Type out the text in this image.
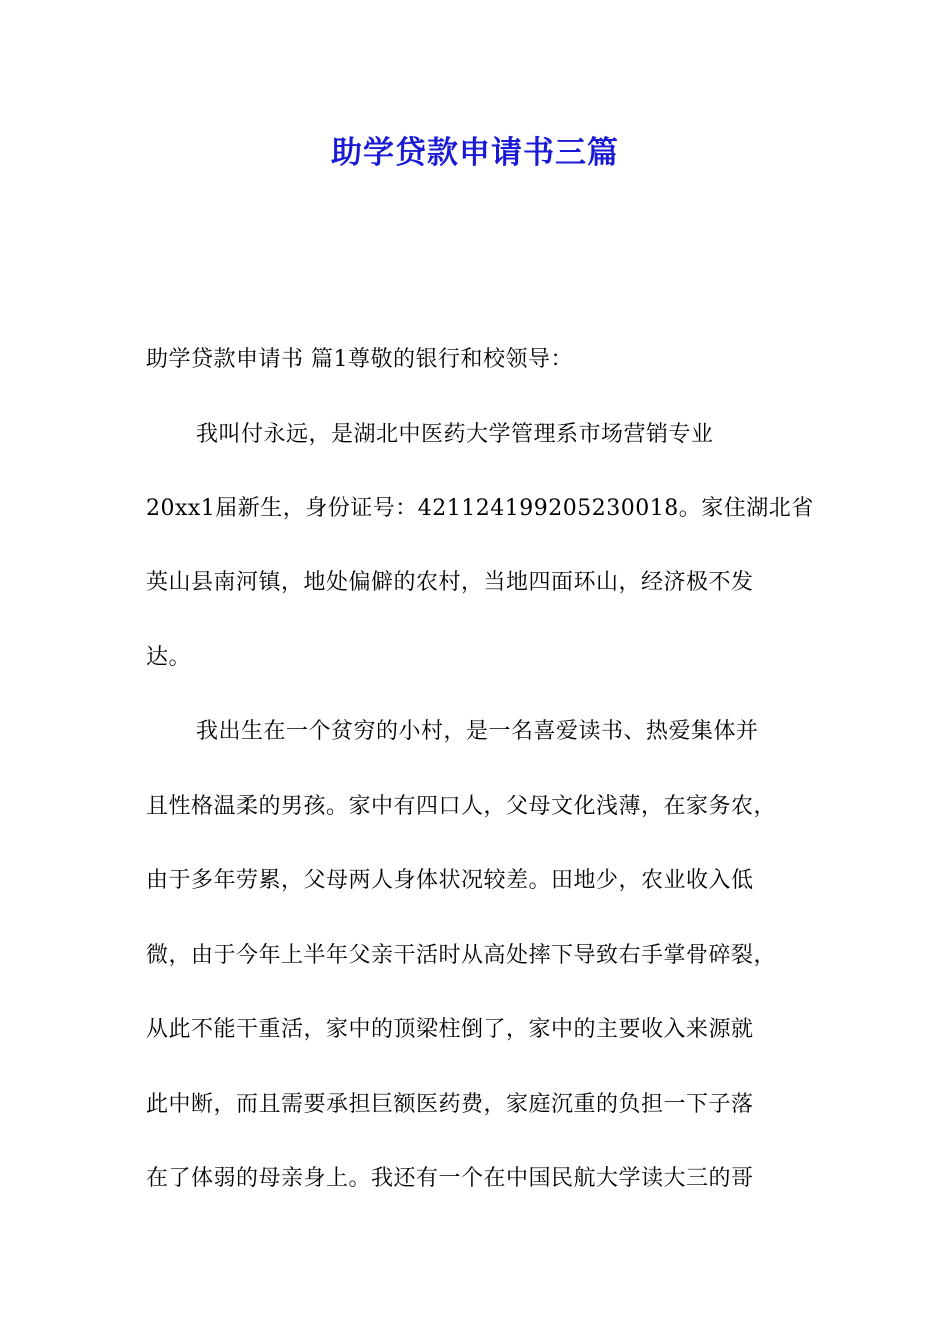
助学贷款申请书三篇
助学贷款申请书 篇1尊敬的银行和校领导：
我叫付永远，是湖北中医药大学管理系市场营销专业
20xx1届新生，身份证号：421124199205230018。家住湖北省
英山县南河镇，地处偏僻的农村，当地四面环山，经济极不发
达。
我出生在一个贫穷的小村，是一名喜爱读书、热爱集体并
且性格温柔的男孩。家中有四口人，父母文化浅薄，在家务农，
由于多年劳累，父母两人身体状况较差。田地少，农业收入低
微，由于今年上半年父亲干活时从高处摔下导致右手掌骨碎裂，
从此不能干重活，家中的顶梁柱倒了，家中的主要收入来源就
此中断，而且需要承担巨额医药费，家庭沉重的负担一下子落
在了体弱的母亲身上。我还有一个在中国民航大学读大三的哥
